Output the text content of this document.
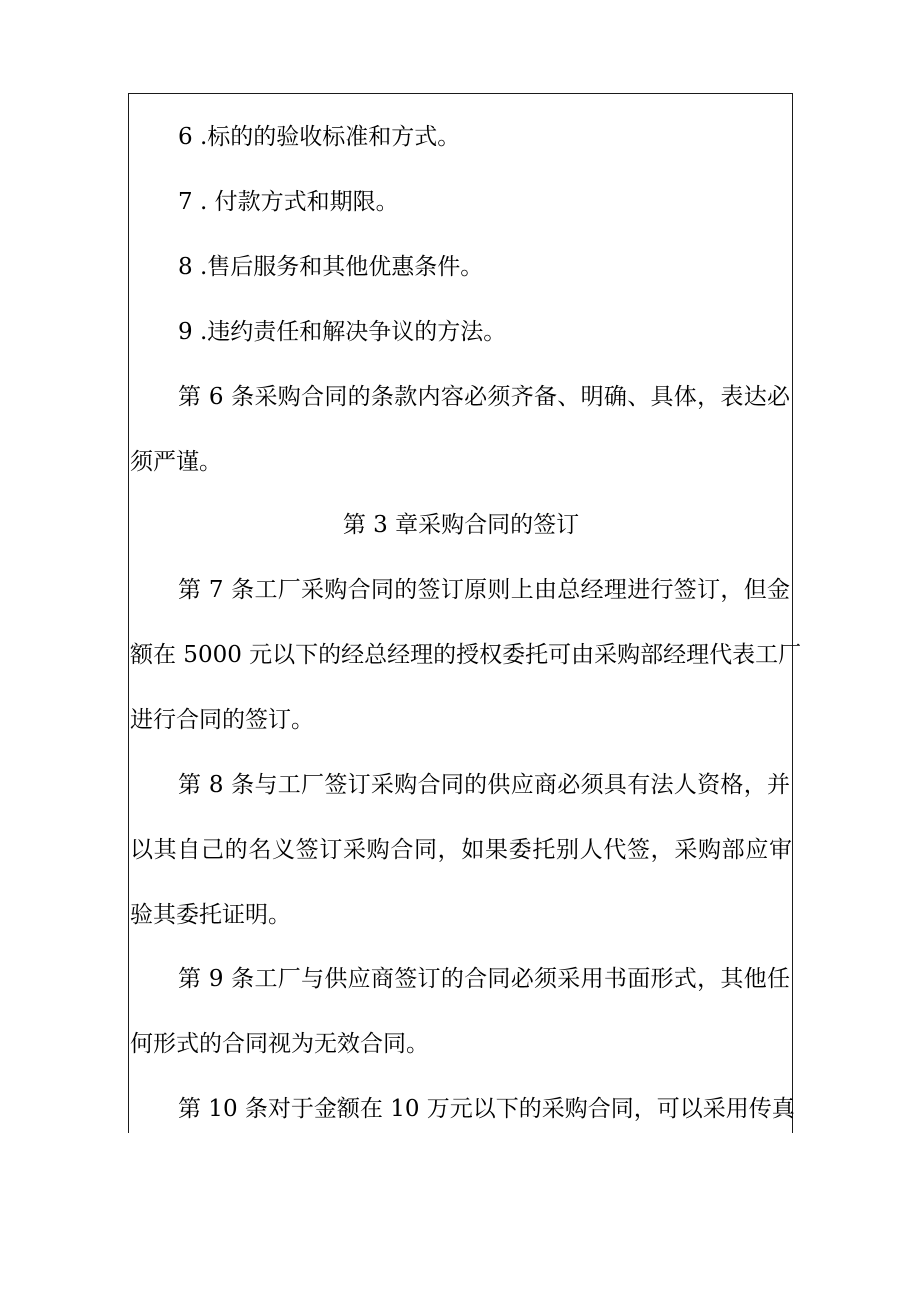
6 .标的的验收标准和方式。
7 . 付款方式和期限。
8 .售后服务和其他优惠条件。
9 .违约责任和解决争议的方法。
第 6 条采购合同的条款内容必须齐备、明确、具体，表达必
须严谨。
第 3 章采购合同的签订
第 7 条工厂采购合同的签订原则上由总经理进行签订，但金
额在 5000 元以下的经总经理的授权委托可由采购部经理代表工厂
进行合同的签订。
第 8 条与工厂签订采购合同的供应商必须具有法人资格，并
以其自己的名义签订采购合同，如果委托别人代签，采购部应审
验其委托证明。
第 9 条工厂与供应商签订的合同必须采用书面形式，其他任
何形式的合同视为无效合同。
第 10 条对于金额在 10 万元以下的采购合同，可以采用传真
